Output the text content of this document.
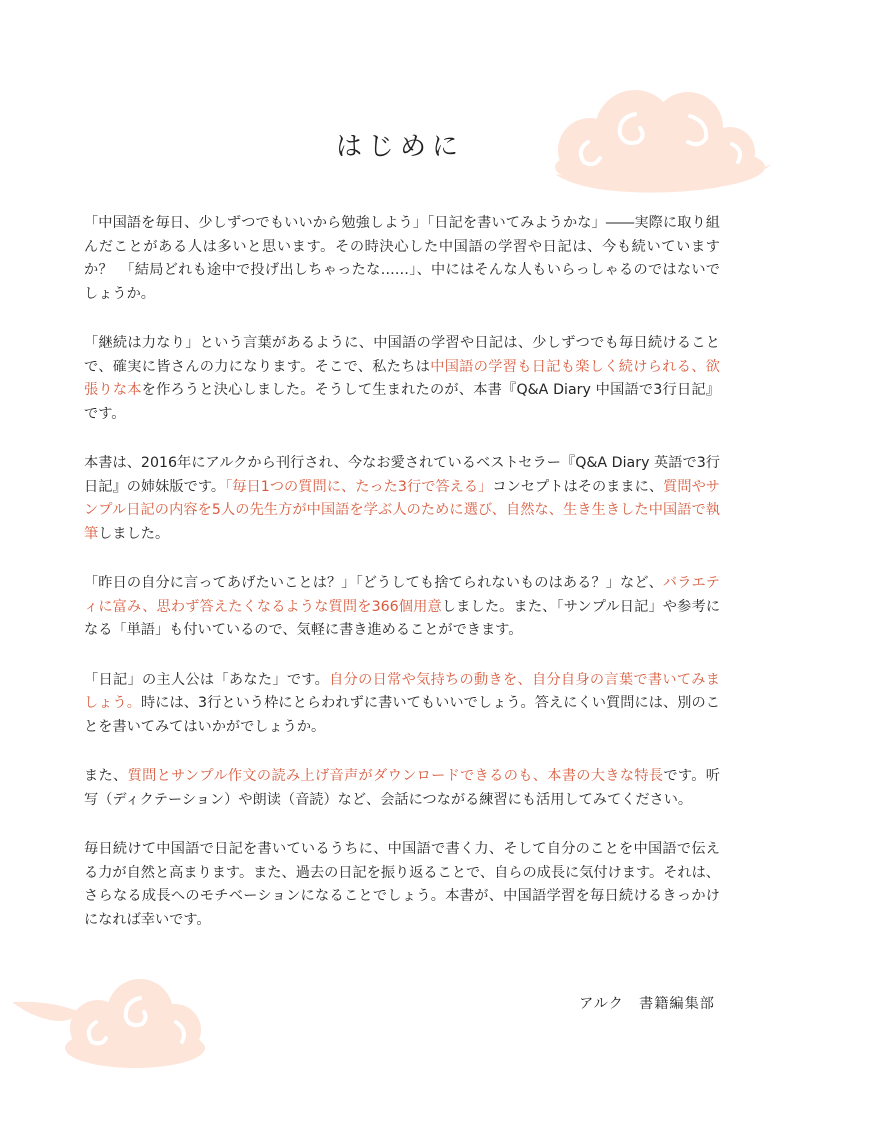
はじめに

「中国語を毎日、少しずつでもいいから勉強しよう」「日記を書いてみようかな」――実際に取り組んだことがある人は多いと思います。その時決心した中国語の学習や日記は、今も続いていますか？　「結局どれも途中で投げ出しちゃったな……」、中にはそんな人もいらっしゃるのではないでしょうか。

「継続は力なり」という言葉があるように、中国語の学習や日記は、少しずつでも毎日続けることで、確実に皆さんの力になります。そこで、私たちは中国語の学習も日記も楽しく続けられる、欲張りな本を作ろうと決心しました。そうして生まれたのが、本書『Q&A Diary 中国語で3行日記』です。

本書は、2016年にアルクから刊行され、今なお愛されているベストセラー『Q&A Diary 英語で3行日記』の姉妹版です。「毎日1つの質問に、たった3行で答える」コンセプトはそのままに、質問やサンプル日記の内容を5人の先生方が中国語を学ぶ人のために選び、自然な、生き生きした中国語で執筆しました。

「昨日の自分に言ってあげたいことは？」「どうしても捨てられないものはある？」など、バラエティに富み、思わず答えたくなるような質問を366個用意しました。また、「サンプル日記」や参考になる「単語」も付いているので、気軽に書き進めることができます。

「日記」の主人公は「あなた」です。自分の日常や気持ちの動きを、自分自身の言葉で書いてみましょう。時には、3行という枠にとらわれずに書いてもいいでしょう。答えにくい質問には、別のことを書いてみてはいかがでしょうか。

また、質問とサンプル作文の読み上げ音声がダウンロードできるのも、本書の大きな特長です。听写（ディクテーション）や朗读（音読）など、会話につながる練習にも活用してみてください。

毎日続けて中国語で日記を書いているうちに、中国語で書く力、そして自分のことを中国語で伝える力が自然と高まります。また、過去の日記を振り返ることで、自らの成長に気付けます。それは、さらなる成長へのモチベーションになることでしょう。本書が、中国語学習を毎日続けるきっかけになれば幸いです。

アルク　書籍編集部
